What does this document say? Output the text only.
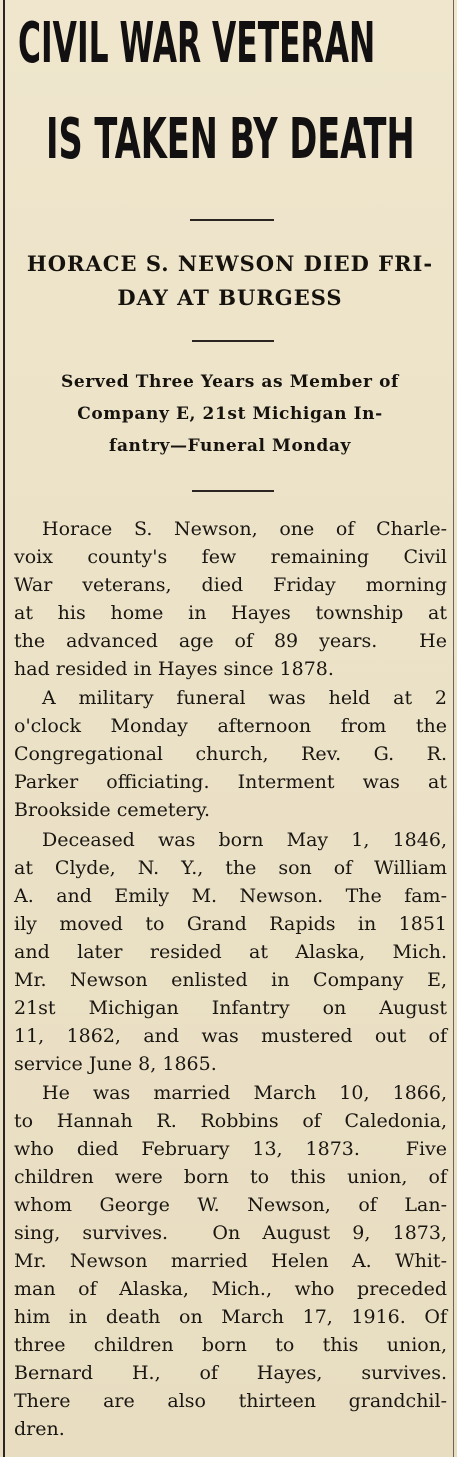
CIVIL WAR VETERAN
IS TAKEN BY DEATH
HORACE S. NEWSON DIED FRI-
DAY AT BURGESS
Served Three Years as Member of
Company E, 21st Michigan In-
fantry—Funeral Monday
Horace S. Newson, one of Charle-
voix county's few remaining Civil
War veterans, died Friday morning
at his home in Hayes township at
the advanced age of 89 years.  He
had resided in Hayes since 1878.
A military funeral was held at 2
o'clock Monday afternoon from the
Congregational church, Rev. G. R.
Parker officiating. Interment was at
Brookside cemetery.
Deceased was born May 1, 1846,
at Clyde, N. Y., the son of William
A. and Emily M. Newson. The fam-
ily moved to Grand Rapids in 1851
and later resided at Alaska, Mich.
Mr. Newson enlisted in Company E,
21st Michigan Infantry on August
11, 1862, and was mustered out of
service June 8, 1865.
He was married March 10, 1866,
to Hannah R. Robbins of Caledonia,
who died February 13, 1873.  Five
children were born to this union, of
whom George W. Newson, of Lan-
sing, survives.  On August 9, 1873,
Mr. Newson married Helen A. Whit-
man of Alaska, Mich., who preceded
him in death on March 17, 1916. Of
three children born to this union,
Bernard H., of Hayes, survives.
There are also thirteen grandchil-
dren.
